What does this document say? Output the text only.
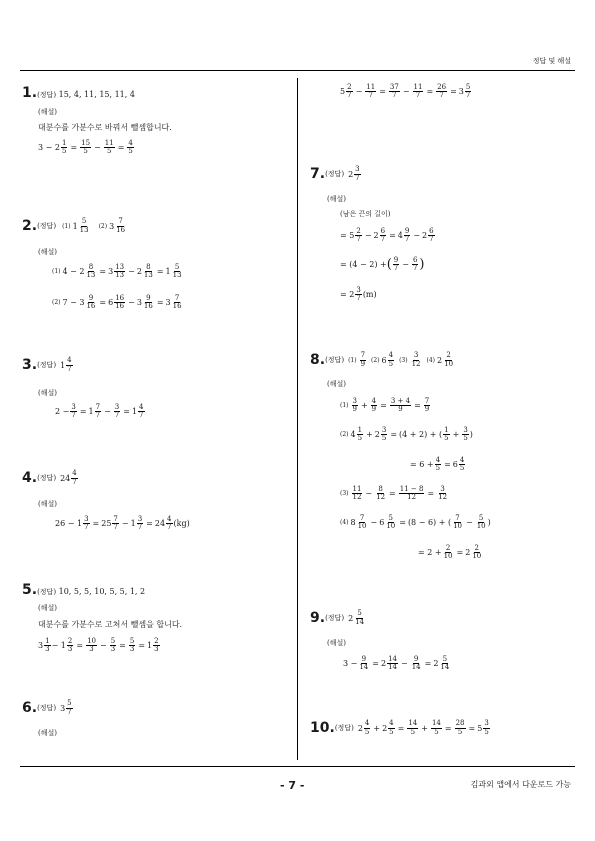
정답 및 해설
- 7 -	김과외 앱에서 다운로드 가능
1.(정답) 15, 4, 11, 15, 11, 4
(해설)
대분수를 가분수로 바꿔서 뺄셈합니다.
$3 - 2 \frac{1}{5} = \frac{15}{5} - \frac{11}{5} = \frac{4}{5}$
2. (정답) (1) 1
5
13 (2) 3
7
16
(해설)
(1) $4 - 2 \frac{8}{13} = 3 \frac{13}{13} - 2 \frac{8}{13} = 1 \frac{5}{13}$
(2) $7 - 3 \frac{9}{16} = 6 \frac{16}{16} - 3 \frac{9}{16} = 3 \frac{7}{16}$
3. (정답) 1
4
7
(해설)
$2 - \frac{3}{7} = 1 \frac{7}{7} - \frac{3}{7} = 1 \frac{4}{7}$
4. (정답) 24
4
7
(해설)
$26 - 1 \frac{3}{7} = 25 \frac{7}{7} - 1 \frac{3}{7} = 24 \frac{4}{7} (kg)$
5.(정답) 10, 5, 5, 10, 5, 5, 1, 2
(해설)
대분수를 가분수로 고쳐서 뺄셈을 합니다.
3
1
$3 - 1 \frac{2}{3} = \frac{10}{3} - \frac{5}{3} = \frac{5}{3} = 1 \frac{2}{3}$
6. (정답) 3
5
7
(해설)
5
2
$7 - \frac{11}{7} = \frac{37}{7} - \frac{11}{7} = \frac{26}{7} = 3 \frac{5}{7}$
7. (정답) 2
3
7
(해설)
(남은 끈의 길이)
= 5
2
$7 - 2 \frac{6}{7} = 4 \frac{9}{7} - 2 \frac{6}{7}$
= (4 − 2) + ( 9
$7 - \frac{6}{7}$ )
= 2
3
7 (m)
8. (정답) (1)
7
9 (2) 6
4
5 (3)
3
12 (4) 2
2
10
(해설)
(1)
3
$9 + \frac{4}{9} = \frac{3 + 4}{9} = \frac{7}{9}$
(2) 4
1
$5 + 2 \frac{3}{5} = (4 + 2)$ + ( $\frac{1}{5} + \frac{3}{5}$ )
= $6 + \frac{4}{5} = 6 \frac{4}{5}$
(3)
11
$12 - \frac{8}{12} = \frac{11 - 8}{12} = \frac{3}{12}$
(4) 8
7
$10 - 6 \frac{5}{10} = (8 - 6)$ + ( $\frac{7}{10} - \frac{5}{10}$ )
= $2 + \frac{2}{10} = 2 \frac{2}{10}$
9. (정답) 2
5
14
(해설)
$3 - \frac{9}{14} = 2 \frac{14}{14} - \frac{9}{14} = 2 \frac{5}{14}$
10. (정답) 2
4
$5 + 2 \frac{4}{5} = \frac{14}{5} + \frac{14}{5} = \frac{28}{5} = 5 \frac{3}{5}$
